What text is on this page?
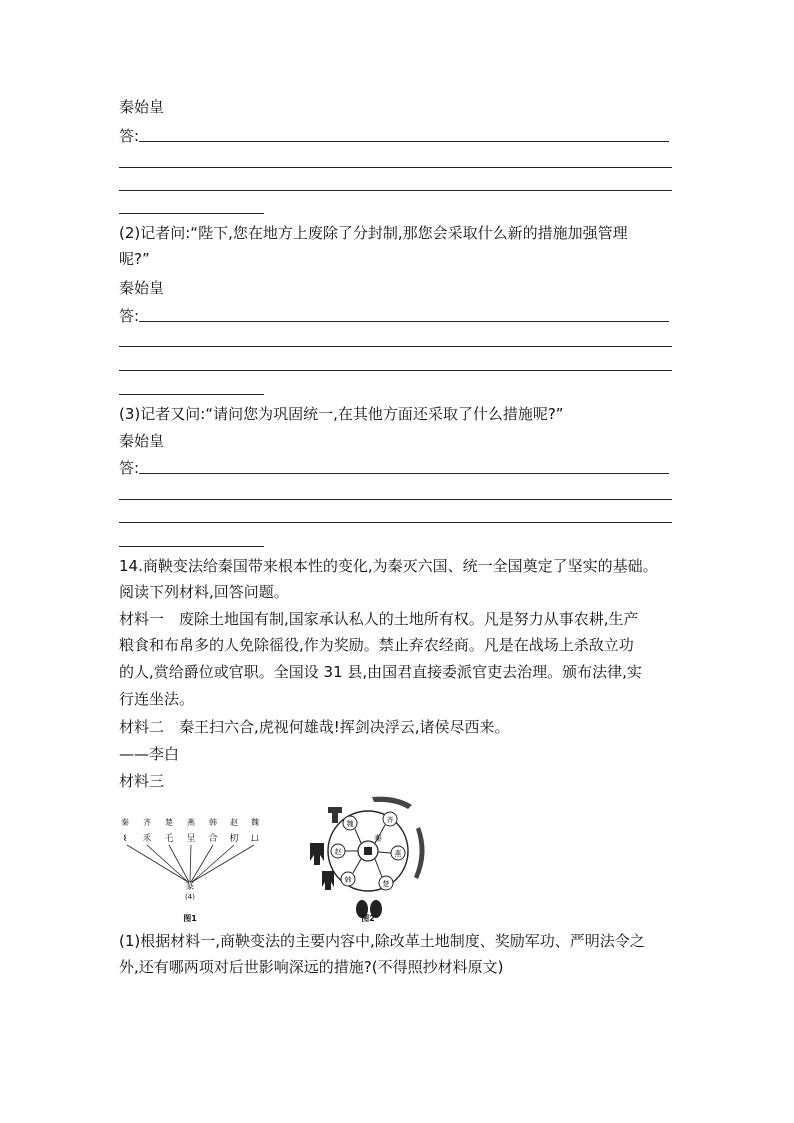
秦始皇
答:
(2)记者问:“陛下,您在地方上废除了分封制,那您会采取什么新的措施加强管理
呢?”
秦始皇
答:
(3)记者又问:“请问您为巩固统一,在其他方面还采取了什么措施呢?”
秦始皇
答:
14.商鞅变法给秦国带来根本性的变化,为秦灭六国、统一全国奠定了坚实的基础。
阅读下列材料,回答问题。
材料一　废除土地国有制,国家承认私人的土地所有权。凡是努力从事农耕,生产
粮食和布帛多的人免除徭役,作为奖励。禁止弃农经商。凡是在战场上杀敌立功
的人,赏给爵位或官职。全国设 31 县,由国君直接委派官吏去治理。颁布法律,实
行连坐法。
材料二　秦王扫六合,虎视何雄哉!挥剑决浮云,诸侯尽西来。
——李白
材料三
秦 齐 楚 燕 韩 赵 魏
𐌔 乑 乇 呈 合 朷 𠙴
篆
(4)
图1
秦
魏	齐
赵	燕
韩	楚
图2
(1)根据材料一,商鞅变法的主要内容中,除改革土地制度、奖励军功、严明法令之
外,还有哪两项对后世影响深远的措施?(不得照抄材料原文)
